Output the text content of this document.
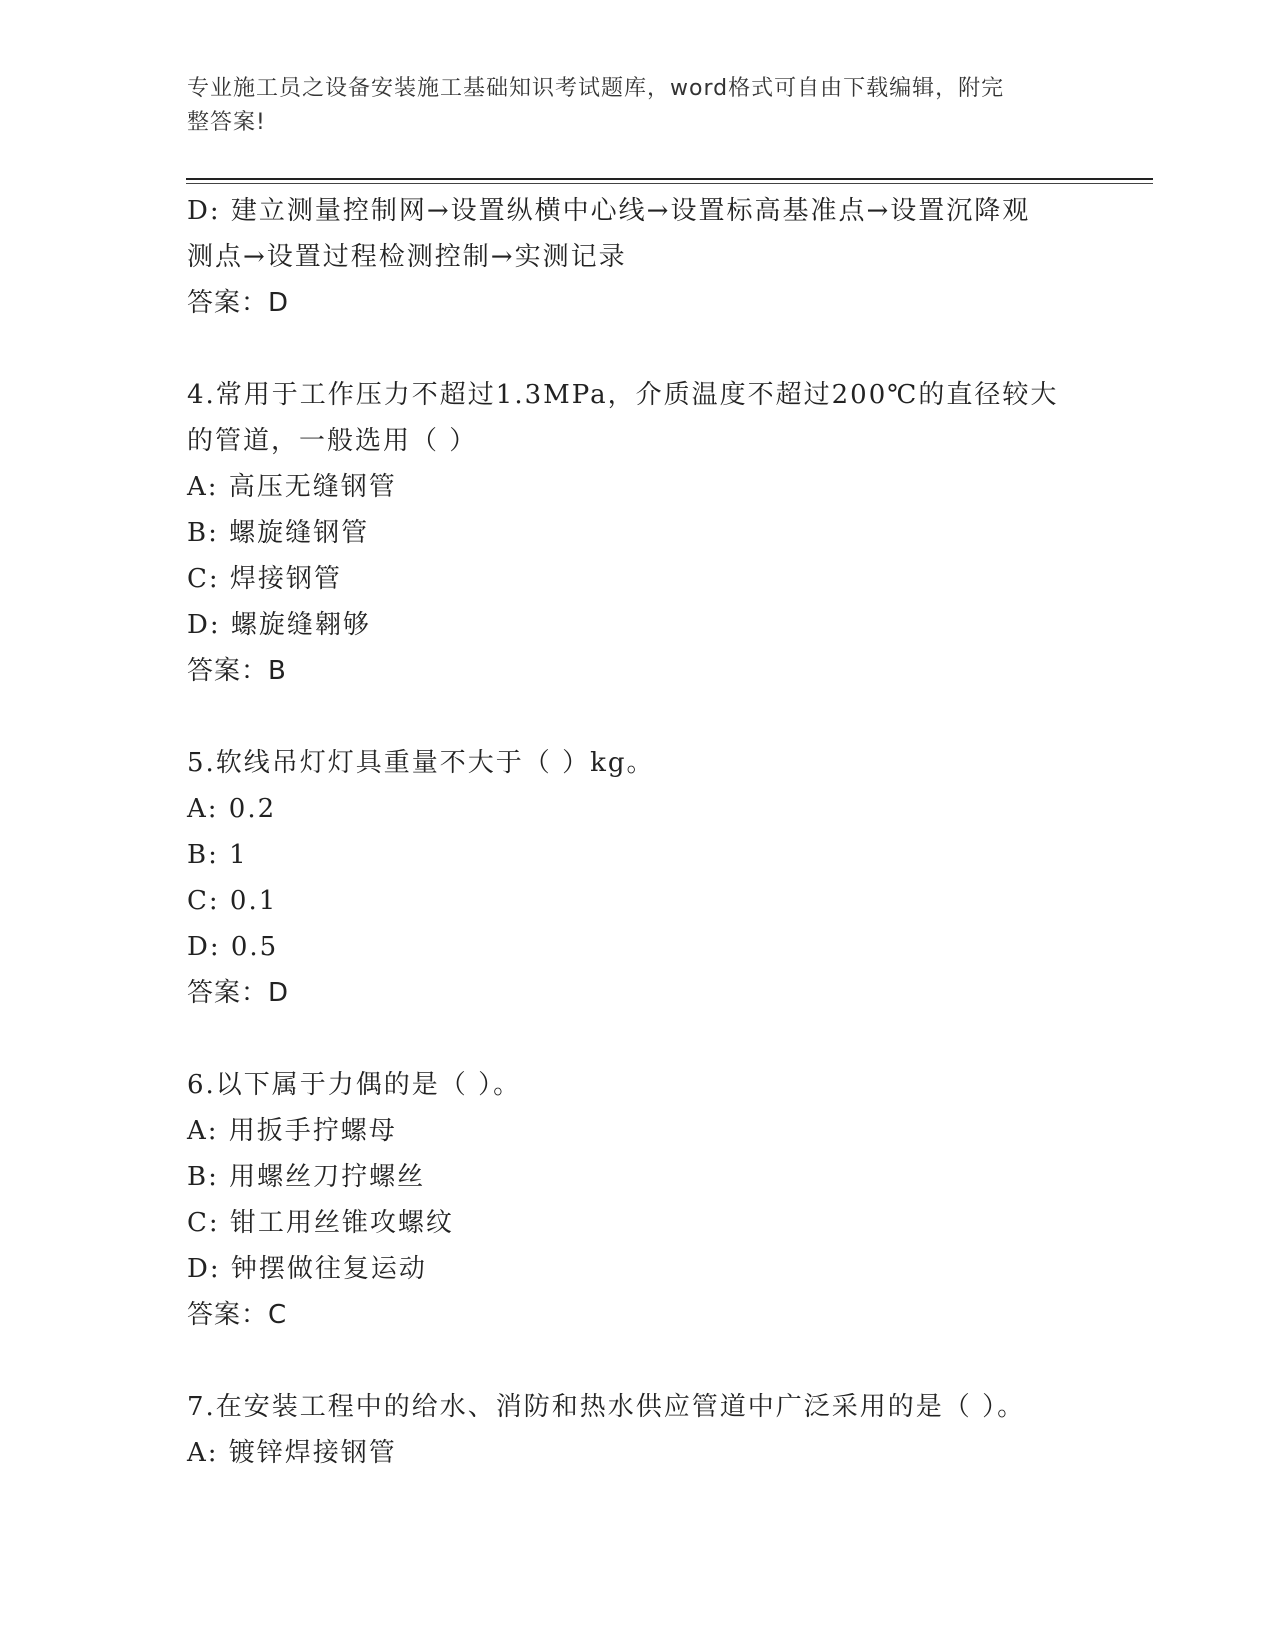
专业施工员之设备安装施工基础知识考试题库，word格式可自由下载编辑，附完
整答案!
D: 建立测量控制网→设置纵横中心线→设置标高基准点→设置沉降观
测点→设置过程检测控制→实测记录
答案：D
4.常用于工作压力不超过1.3MPa，介质温度不超过200℃的直径较大
的管道，一般选用（ ）
A: 高压无缝钢管
B: 螺旋缝钢管
C: 焊接钢管
D: 螺旋缝翱够
答案：B
5.软线吊灯灯具重量不大于（ ）kg。
A: 0.2
B: 1
C: 0.1
D: 0.5
答案：D
6.以下属于力偶的是（ ）。
A: 用扳手拧螺母
B: 用螺丝刀拧螺丝
C: 钳工用丝锥攻螺纹
D: 钟摆做往复运动
答案：C
7.在安装工程中的给水、消防和热水供应管道中广泛采用的是（ ）。
A: 镀锌焊接钢管
